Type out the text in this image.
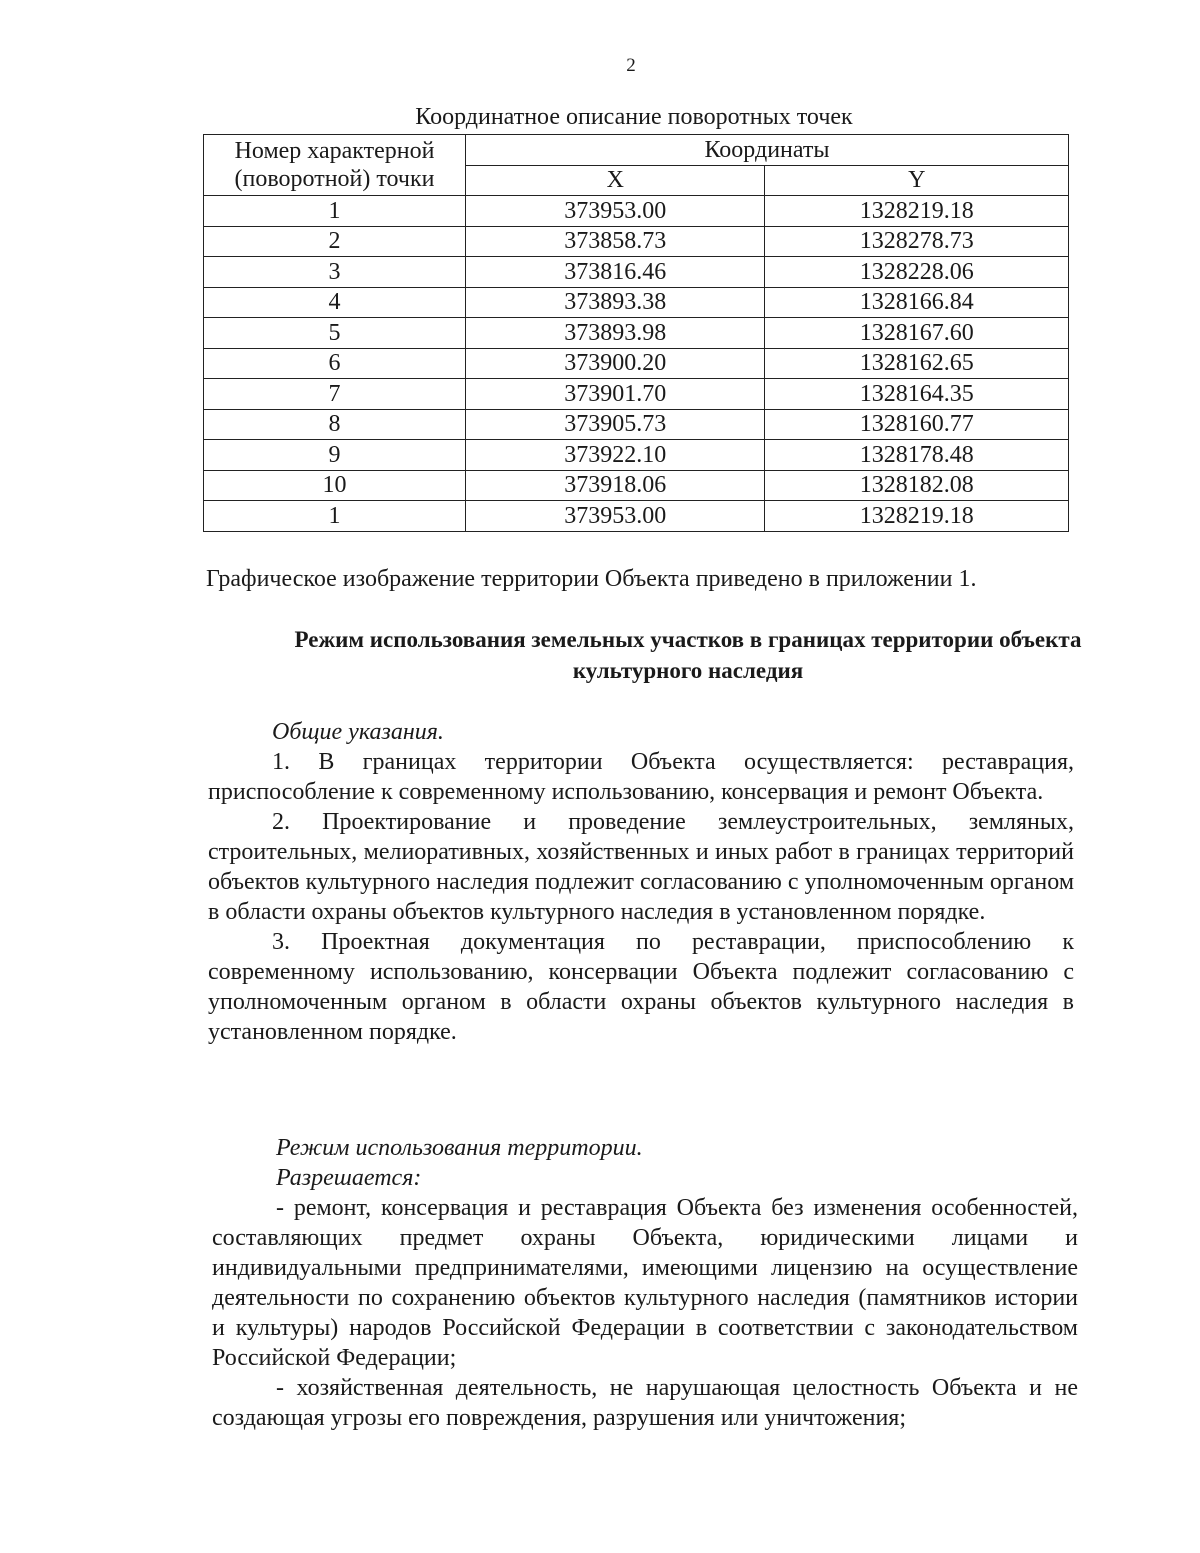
2
Координатное описание поворотных точек
Номер характерной (поворотной) точки	Координаты	
	X	Y
1	373953.00	1328219.18
2	373858.73	1328278.73
3	373816.46	1328228.06
4	373893.38	1328166.84
5	373893.98	1328167.60
6	373900.20	1328162.65
7	373901.70	1328164.35
8	373905.73	1328160.77
9	373922.10	1328178.48
10	373918.06	1328182.08
1	373953.00	1328219.18
Графическое изображение территории Объекта приведено в приложении 1.
Режим использования земельных участков в границах территории объекта культурного наследия

Общие указания.

1. В границах территории Объекта осуществляется: реставрация, приспособление к современному использованию, консервация и ремонт Объекта.

2. Проектирование и проведение землеустроительных, земляных, строительных, мелиоративных, хозяйственных и иных работ в границах территорий объектов культурного наследия подлежит согласованию с уполномоченным органом в области охраны объектов культурного наследия в установленном порядке.

3. Проектная документация по реставрации, приспособлению к современному использованию, консервации Объекта подлежит согласованию с уполномоченным органом в области охраны объектов культурного наследия в установленном порядке.

Режим использования территории.

Разрешается:

- ремонт, консервация и реставрация Объекта без изменения особенностей, составляющих предмет охраны Объекта, юридическими лицами и индивидуальными предпринимателями, имеющими лицензию на осуществление деятельности по сохранению объектов культурного наследия (памятников истории и культуры) народов Российской Федерации в соответствии с законодательством Российской Федерации;

- хозяйственная деятельность, не нарушающая целостность Объекта и не создающая угрозы его повреждения, разрушения или уничтожения;
